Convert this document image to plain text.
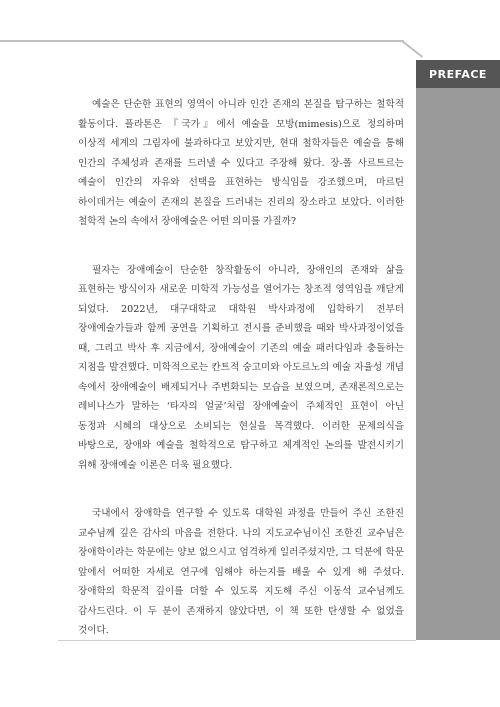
PREFACE

예술은 단순한 표현의 영역이 아니라 인간 존재의 본질을 탐구하는 철학적 활동이다. 플라톤은 『국가』에서 예술을 모방(mimesis)으로 정의하며 이상적 세계의 그림자에 불과하다고 보았지만, 현대 철학자들은 예술을 통해 인간의 주체성과 존재를 드러낼 수 있다고 주장해 왔다. 장-폴 사르트르는 예술이 인간의 자유와 선택을 표현하는 방식임을 강조했으며, 마르틴 하이데거는 예술이 존재의 본질을 드러내는 진리의 장소라고 보았다. 이러한 철학적 논의 속에서 장애예술은 어떤 의미를 가질까?

필자는 장애예술이 단순한 창작활동이 아니라, 장애인의 존재와 삶을 표현하는 방식이자 새로운 미학적 가능성을 열어가는 창조적 영역임을 깨닫게 되었다. 2022년, 대구대학교 대학원 박사과정에 입학하기 전부터 장애예술가들과 함께 공연을 기획하고 전시를 준비했을 때와 박사과정이었을 때, 그리고 박사 후 지금에서, 장애예술이 기존의 예술 패러다임과 충돌하는 지점을 발견했다. 미학적으로는 칸트적 숭고미와 아도르노의 예술 자율성 개념 속에서 장애예술이 배제되거나 주변화되는 모습을 보였으며, 존재론적으로는 레비나스가 말하는 ‘타자의 얼굴’처럼 장애예술이 주체적인 표현이 아닌 동정과 시혜의 대상으로 소비되는 현실을 목격했다. 이러한 문제의식을 바탕으로, 장애와 예술을 철학적으로 탐구하고 체계적인 논의를 발전시키기 위해 장애예술 이론은 더욱 필요했다.

국내에서 장애학을 연구할 수 있도록 대학원 과정을 만들어 주신 조한진 교수님께 깊은 감사의 마음을 전한다. 나의 지도교수님이신 조한진 교수님은 장애학이라는 학문에는 양보 없으시고 엄격하게 일러주셨지만, 그 덕분에 학문 앞에서 어떠한 자세로 연구에 임해야 하는지를 배울 수 있게 해 주셨다. 장애학의 학문적 깊이를 더할 수 있도록 지도해 주신 이동석 교수님께도 감사드린다. 이 두 분이 존재하지 않았다면, 이 책 또한 탄생할 수 없었을 것이다.
